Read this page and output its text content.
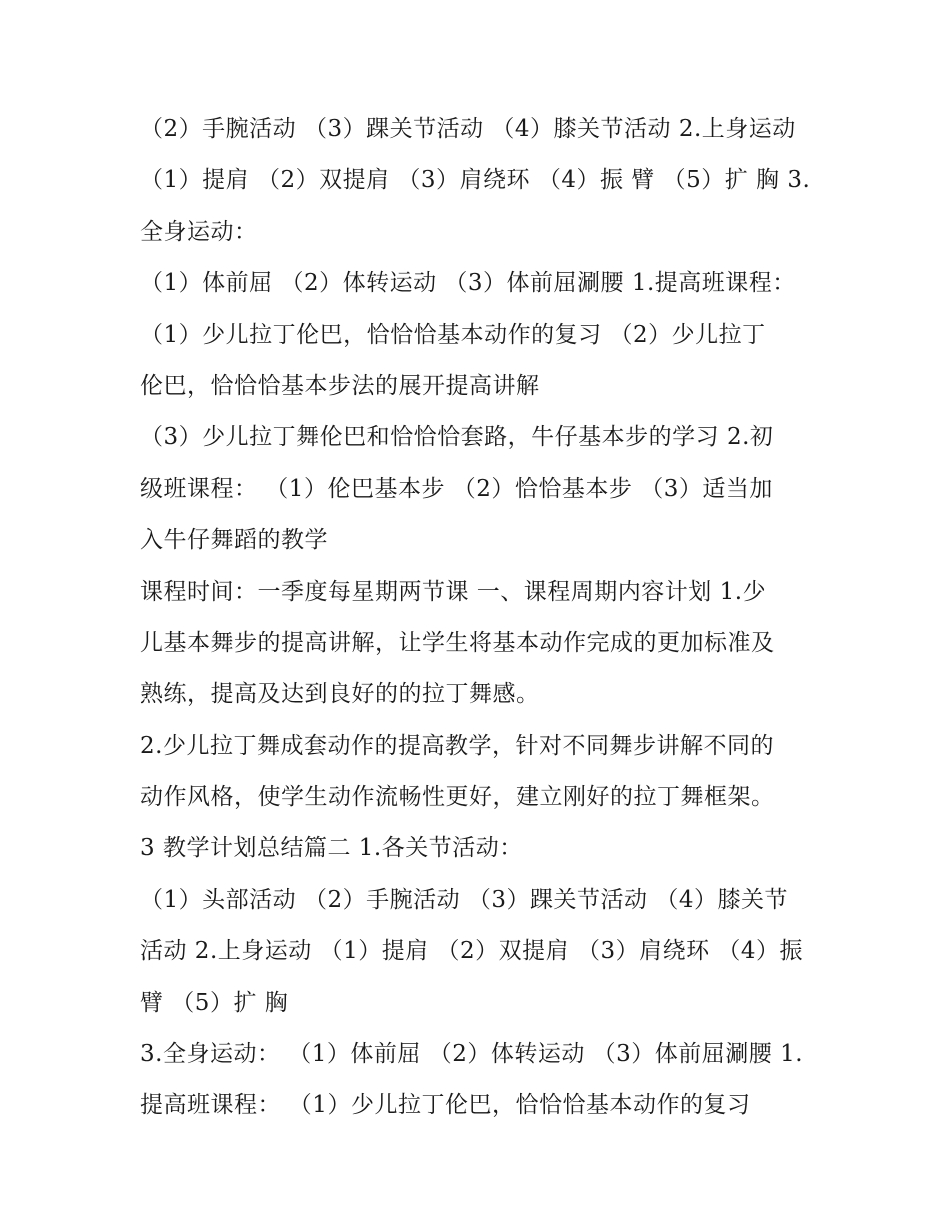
（2）手腕活动 （3）踝关节活动 （4）膝关节活动 2.上身运动
（1）提肩 （2）双提肩 （3）肩绕环 （4）振 臂 （5）扩 胸 3.
全身运动：
（1）体前屈 （2）体转运动 （3）体前屈涮腰 1.提高班课程：
（1）少儿拉丁伦巴，恰恰恰基本动作的复习 （2）少儿拉丁
伦巴，恰恰恰基本步法的展开提高讲解
（3）少儿拉丁舞伦巴和恰恰恰套路，牛仔基本步的学习 2.初
级班课程： （1）伦巴基本步 （2）恰恰基本步 （3）适当加
入牛仔舞蹈的教学
课程时间：一季度每星期两节课 一、课程周期内容计划 1.少
儿基本舞步的提高讲解，让学生将基本动作完成的更加标准及
熟练，提高及达到良好的的拉丁舞感。
2.少儿拉丁舞成套动作的提高教学，针对不同舞步讲解不同的
动作风格，使学生动作流畅性更好，建立刚好的拉丁舞框架。
3 教学计划总结篇二 1.各关节活动：
（1）头部活动 （2）手腕活动 （3）踝关节活动 （4）膝关节
活动 2.上身运动 （1）提肩 （2）双提肩 （3）肩绕环 （4）振
臂 （5）扩 胸
3.全身运动： （1）体前屈 （2）体转运动 （3）体前屈涮腰 1.
提高班课程： （1）少儿拉丁伦巴，恰恰恰基本动作的复习
